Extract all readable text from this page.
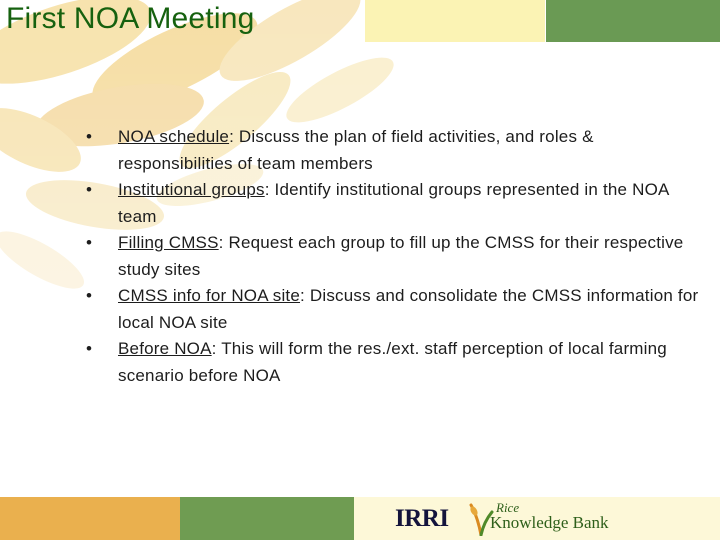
First NOA Meeting
• NOA schedule: Discuss the plan of field activities, and roles & responsibilities of team members
• Institutional groups: Identify institutional groups represented in the NOA team
• Filling CMSS: Request each group to fill up the CMSS for their respective study sites
• CMSS info for NOA site: Discuss and consolidate the CMSS information for local NOA site
• Before NOA: This will form the res./ext. staff perception of local farming scenario before NOA
IRRI	Rice
Knowledge Bank
